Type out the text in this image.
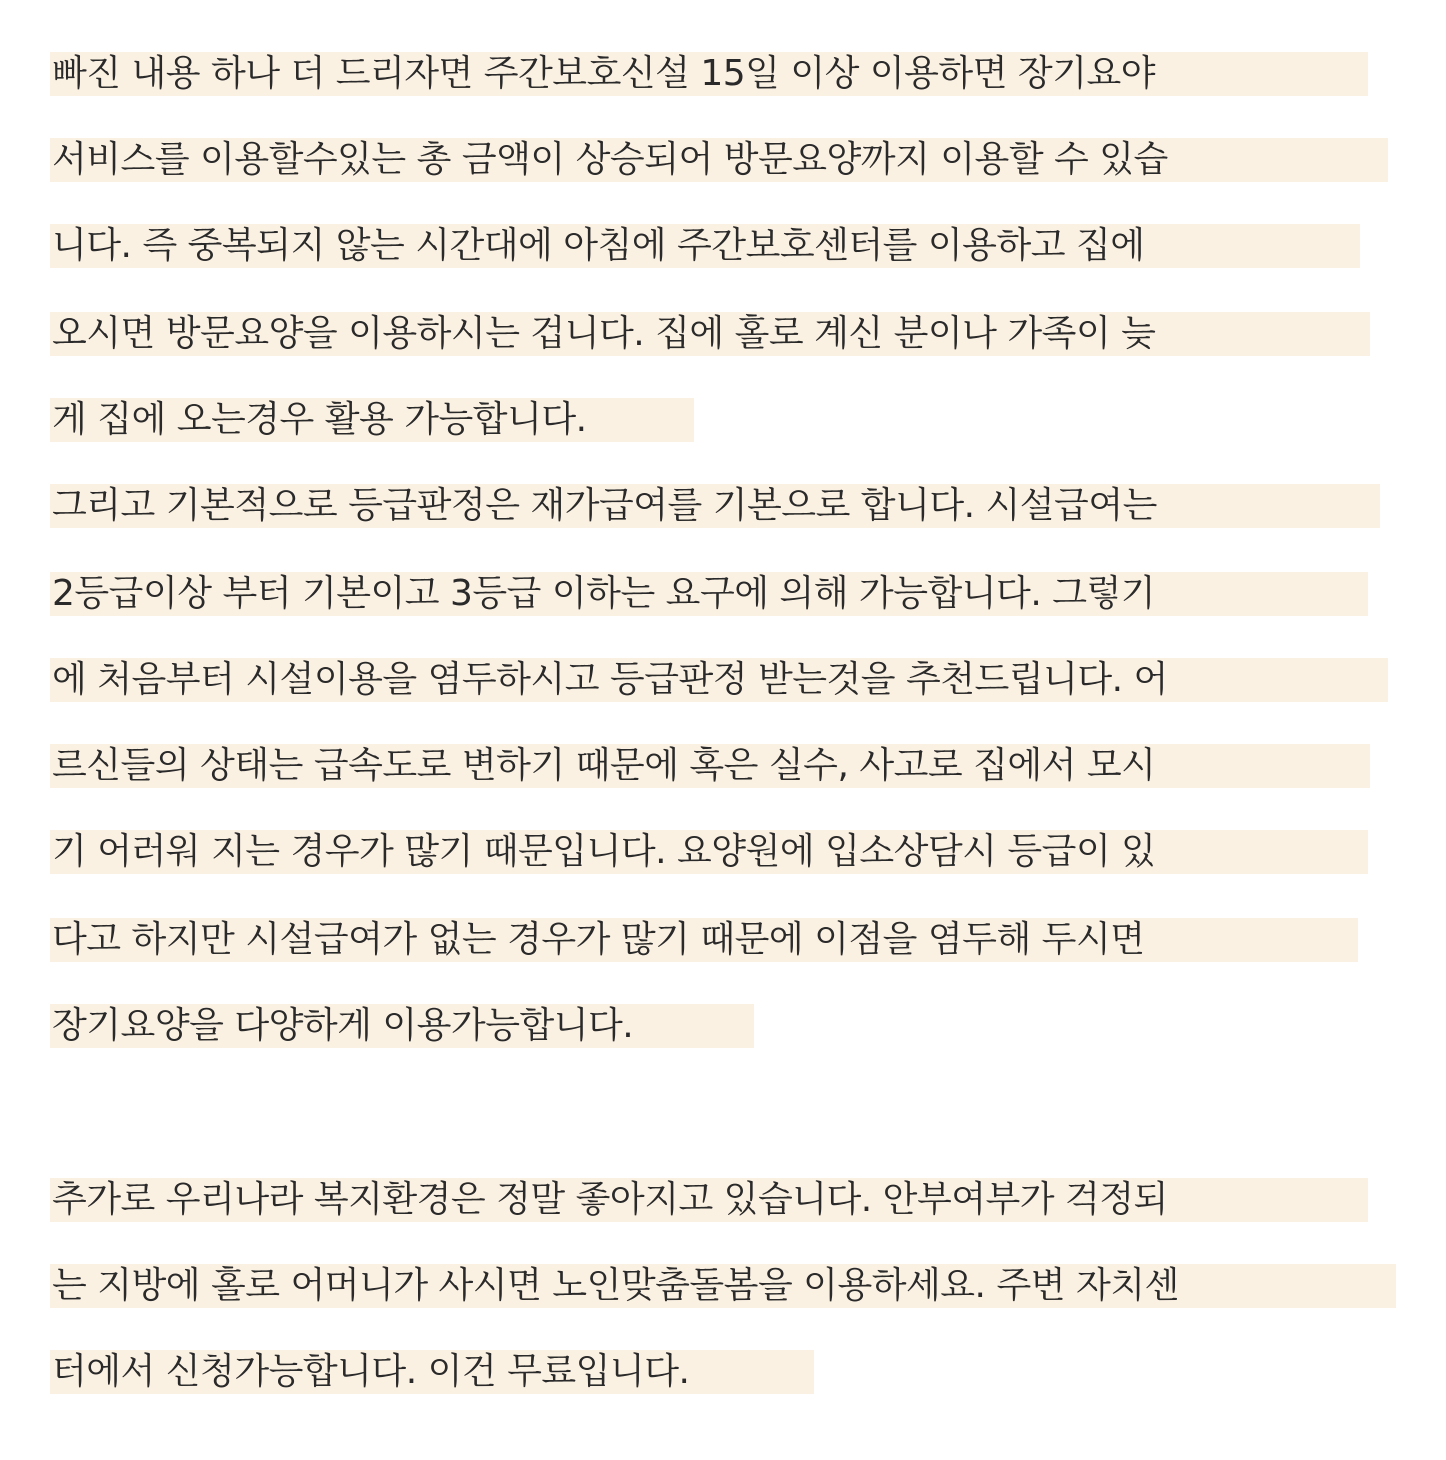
빠진 내용 하나 더 드리자면 주간보호신설 15일 이상 이용하면 장기요야
서비스를 이용할수있는 총 금액이 상승되어 방문요양까지 이용할 수 있습
니다. 즉 중복되지 않는 시간대에 아침에 주간보호센터를 이용하고 집에
오시면 방문요양을 이용하시는 겁니다. 집에 홀로 계신 분이나 가족이 늦
게 집에 오는경우 활용 가능합니다.
그리고 기본적으로 등급판정은 재가급여를 기본으로 합니다. 시설급여는
2등급이상 부터 기본이고 3등급 이하는 요구에 의해 가능합니다. 그렇기
에 처음부터 시설이용을 염두하시고 등급판정 받는것을 추천드립니다. 어
르신들의 상태는 급속도로 변하기 때문에 혹은 실수, 사고로 집에서 모시
기 어러워 지는 경우가 많기 때문입니다. 요양원에 입소상담시 등급이 있
다고 하지만 시설급여가 없는 경우가 많기 때문에 이점을 염두해 두시면
장기요양을 다양하게 이용가능합니다.
추가로 우리나라 복지환경은 정말 좋아지고 있습니다. 안부여부가 걱정되
는 지방에 홀로 어머니가 사시면 노인맞춤돌봄을 이용하세요. 주변 자치센
터에서 신청가능합니다. 이건 무료입니다.
